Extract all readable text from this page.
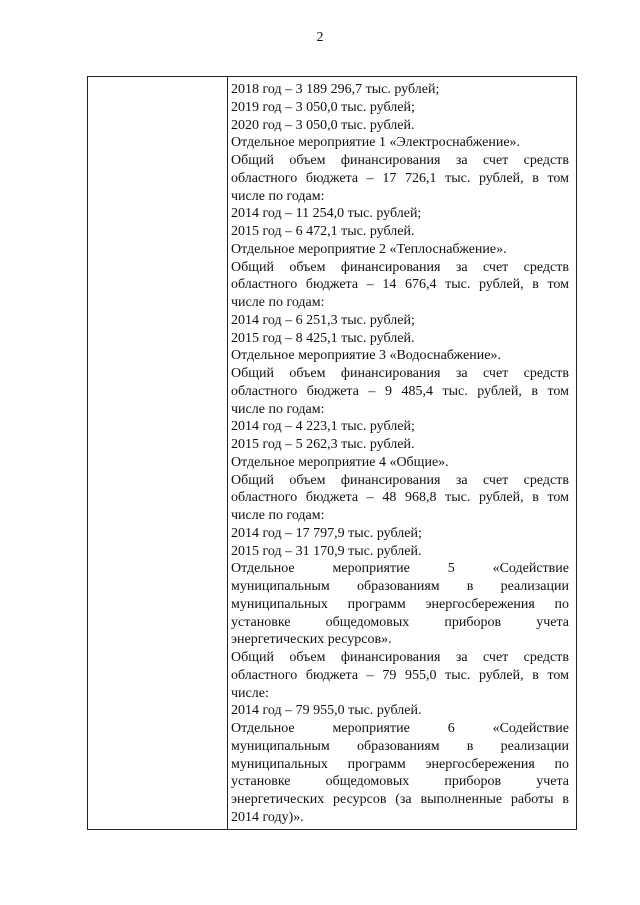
2
2018 год – 3 189 296,7 тыс. рублей;
2019 год – 3 050,0 тыс. рублей;
2020 год – 3 050,0 тыс. рублей.
Отдельное мероприятие 1 «Электроснабжение».
Общий объем финансирования за счет средств
областного бюджета – 17 726,1 тыс. рублей, в том
числе по годам:
2014 год – 11 254,0 тыс. рублей;
2015 год – 6 472,1 тыс. рублей.
Отдельное мероприятие 2 «Теплоснабжение».
Общий объем финансирования за счет средств
областного бюджета – 14 676,4 тыс. рублей, в том
числе по годам:
2014 год – 6 251,3 тыс. рублей;
2015 год – 8 425,1 тыс. рублей.
Отдельное мероприятие 3 «Водоснабжение».
Общий объем финансирования за счет средств
областного бюджета – 9 485,4 тыс. рублей, в том
числе по годам:
2014 год – 4 223,1 тыс. рублей;
2015 год – 5 262,3 тыс. рублей.
Отдельное мероприятие 4 «Общие».
Общий объем финансирования за счет средств
областного бюджета – 48 968,8 тыс. рублей, в том
числе по годам:
2014 год – 17 797,9 тыс. рублей;
2015 год – 31 170,9 тыс. рублей.
Отдельное мероприятие 5 «Содействие
муниципальным образованиям в реализации
муниципальных программ энергосбережения по
установке общедомовых приборов учета
энергетических ресурсов».
Общий объем финансирования за счет средств
областного бюджета – 79 955,0 тыс. рублей, в том
числе:
2014 год – 79 955,0 тыс. рублей.
Отдельное мероприятие 6 «Содействие
муниципальным образованиям в реализации
муниципальных программ энергосбережения по
установке общедомовых приборов учета
энергетических ресурсов (за выполненные работы в
2014 году)».
